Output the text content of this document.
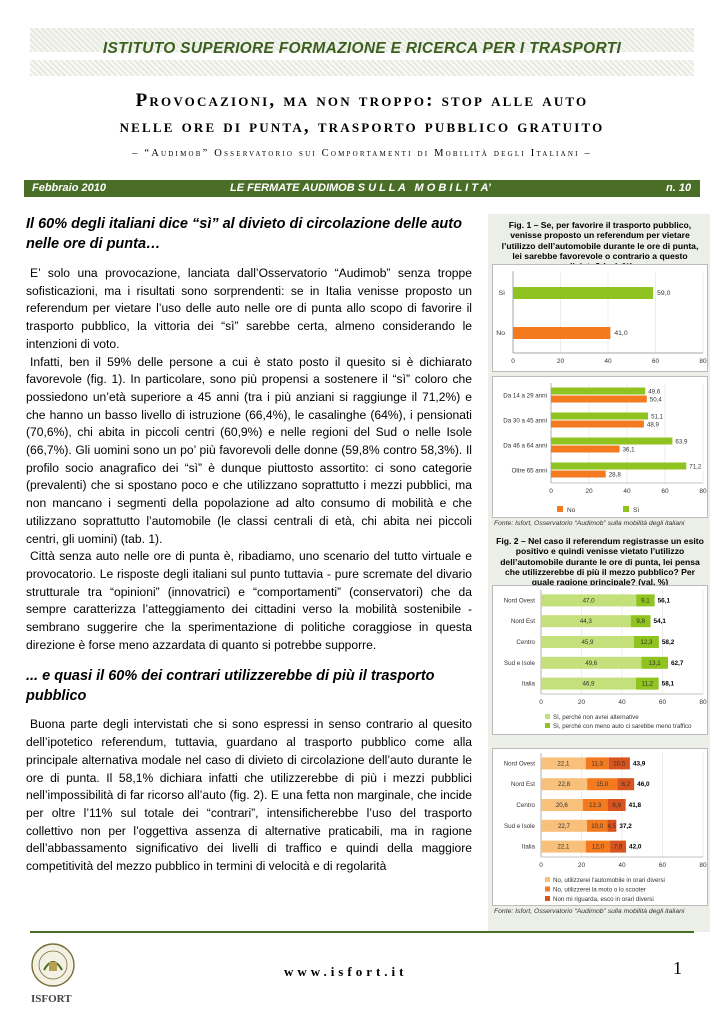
ISTITUTO SUPERIORE FORMAZIONE E RICERCA PER I TRASPORTI
Provocazioni, ma non troppo: stop alle auto
nelle ore di punta, trasporto pubblico gratuito
– “Audimob” Osservatorio sui Comportamenti di Mobilità degli Italiani –
Febbraio 2010	LE FERMATE AUDIMOB S U L L A   M O B I L I T A’	n. 10
Il 60% degli italiani dice “sì” al divieto di circolazione delle auto nelle ore di punta…

E’ solo una provocazione, lanciata dall’Osservatorio “Audimob” senza troppe sofisticazioni, ma i risultati sono sorprendenti: se in Italia venisse proposto un referendum per vietare l’uso delle auto nelle ore di punta allo scopo di favorire il trasporto pubblico, la vittoria dei “sì” sarebbe certa, almeno considerando le intenzioni di voto.

Infatti, ben il 59% delle persone a cui è stato posto il quesito si è dichiarato favorevole (fig. 1). In particolare, sono più propensi a sostenere il “sì” coloro che possiedono un’età superiore a 45 anni (tra i più anziani si raggiunge il 71,2%) e che hanno un basso livello di istruzione (66,4%), le casalinghe (64%), i pensionati (70,6%), chi abita in piccoli centri (60,9%) e nelle regioni del Sud o nelle Isole (66,7%). Gli uomini sono un po’ più favorevoli delle donne (59,8% contro 58,3%). Il profilo socio anagrafico dei “sì” è dunque piuttosto assortito: ci sono categorie (prevalenti) che si spostano poco e che utilizzano soprattutto i mezzi pubblici, ma non mancano i segmenti della popolazione ad alto consumo di mobilità e che utilizzano soprattutto l’automobile (le classi centrali di età, chi abita nei piccoli centri, gli uomini) (tab. 1).

Città senza auto nelle ore di punta è, ribadiamo, uno scenario del tutto virtuale e provocatorio. Le risposte degli italiani sul punto tuttavia - pure scremate del divario strutturale tra “opinioni” (innovatrici) e “comportamenti” (conservatori) che da sempre caratterizza l’atteggiamento dei cittadini verso la mobilità sostenibile - sembrano suggerire che la sperimentazione di politiche coraggiose in questa direzione è forse meno azzardata di quanto si potrebbe supporre.

... e quasi il 60% dei contrari utilizzerebbe di più il trasporto pubblico

Buona parte degli intervistati che si sono espressi in senso contrario al quesito dell’ipotetico referendum, tuttavia, guardano al trasporto pubblico come alla principale alternativa modale nel caso di divieto di circolazione dell’auto durante le ore di punta. Il 58,1% dichiara infatti che utilizzerebbe di più i mezzi pubblici nell’impossibilità di far ricorso all’auto (fig. 2). E una fetta non marginale, che incide per oltre l’11% sul totale dei “contrari”, intensificherebbe l’uso del trasporto collettivo non per l’oggettiva assenza di alternative praticabili, ma in ragione dell’abbassamento significativo dei livelli di traffico e quindi della maggiore competitività del mezzo pubblico in termini di velocità e di regolarità

Fig. 1 – Se, per favorire il trasporto pubblico, venisse proposto un referendum per vietare l’utilizzo dell’automobile durante le ore di punta, lei sarebbe favorevole o contrario a questo divieto? (val. %)
0	20	40	60	80
Sì	59,0
No	41,0
0	20	40	60	80
Da 14 a 29 anni
49,6
50,4
Da 30 a 45 anni
51,1
48,9
Da 46 a 64 anni
63,9
36,1
Oltre 65 anni
71,2
28,8
No	Sì
Fonte: Isfort, Osservatorio “Audimob” sulla mobilità degli italiani
Fig. 2 – Nel caso il referendum registrasse un esito positivo e quindi venisse vietato l’utilizzo dell’automobile durante le ore di punta, lei pensa che utilizzerebbe di più il mezzo pubblico? Per quale ragione principale? (val. %)
0	20	40	60	80
Nord Ovest	47,0	9,1 56,1
Nord Est	44,3	9,8 54,1
Centro	45,9	12,3 58,2
Sud e Isole	49,6	13,1 62,7
Italia	46,9	11,2 58,1
Sì, perché non avrei alternative
Sì, perché con meno auto ci sarebbe meno traffico
0	20	40	60	80
Nord Ovest	22,1	11,3 10,5 43,9
Nord Est	22,8	15,0 8,2 46,0
Centro	20,6	12,3 8,9 41,8
Sud e Isole	22,7	10,0 4,5 37,2
Italia	22,1	12,0 7,9 42,0
No, utilizzerei l'automobile in orari diversi
No, utilizzerei la moto o lo scooter
Non mi riguarda, esco in orari diversi
Fonte: Isfort, Osservatorio “Audimob” sulla mobilità degli italiani
ISFORT
www.isfort.it	1
